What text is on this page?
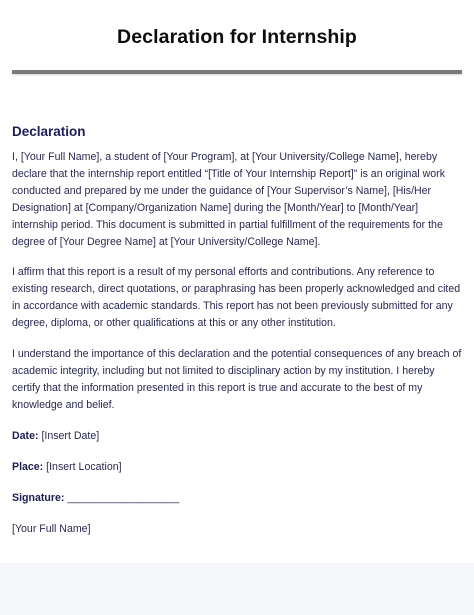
Declaration for Internship
Declaration

I, [Your Full Name], a student of [Your Program], at [Your University/College Name], hereby declare that the internship report entitled “[Title of Your Internship Report]” is an original work conducted and prepared by me under the guidance of [Your Supervisor’s Name], [His/Her Designation] at [Company/Organization Name] during the [Month/Year] to [Month/Year] internship period. This document is submitted in partial fulfillment of the requirements for the degree of [Your Degree Name] at [Your University/College Name].

I affirm that this report is a result of my personal efforts and contributions. Any reference to existing research, direct quotations, or paraphrasing has been properly acknowledged and cited in accordance with academic standards. This report has not been previously submitted for any degree, diploma, or other qualifications at this or any other institution.

I understand the importance of this declaration and the potential consequences of any breach of academic integrity, including but not limited to disciplinary action by my institution. I hereby certify that the information presented in this report is true and accurate to the best of my knowledge and belief.

Date: [Insert Date]
Place: [Insert Location]
Signature: ___________________
[Your Full Name]
